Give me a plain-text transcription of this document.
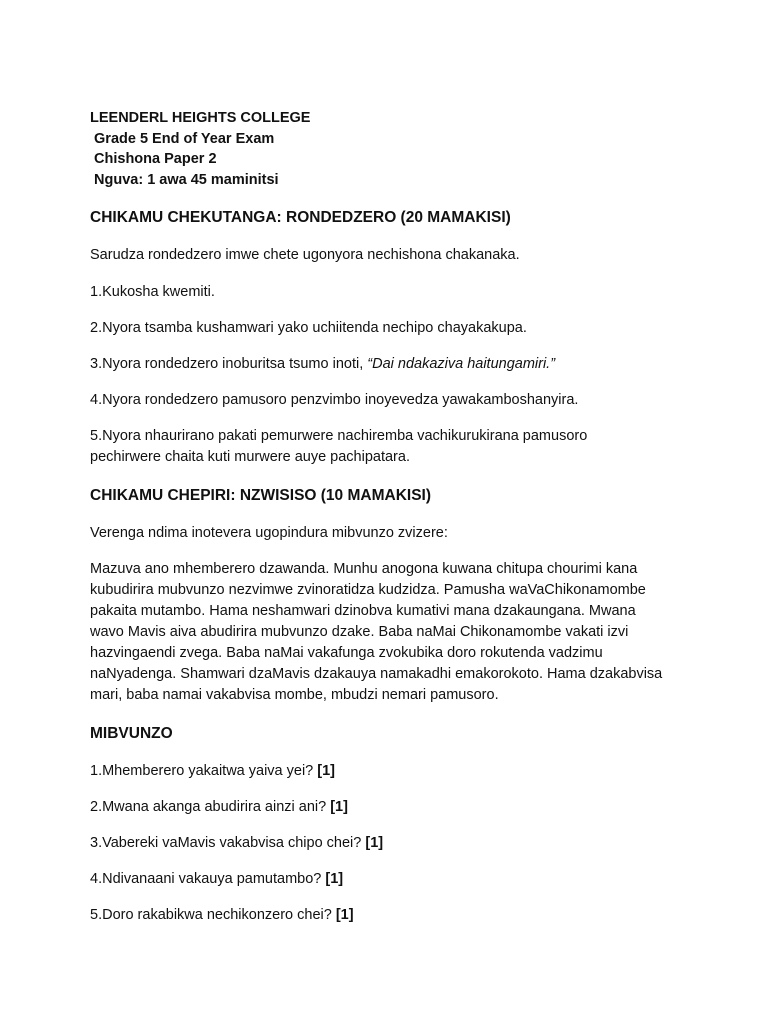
LEENDERL HEIGHTS COLLEGE

Grade 5 End of Year Exam

Chishona Paper 2

Nguva: 1 awa 45 maminitsi

CHIKAMU CHEKUTANGA: RONDEDZERO (20 MAMAKISI)

Sarudza rondedzero imwe chete ugonyora nechishona chakanaka.

1.Kukosha kwemiti.

2.Nyora tsamba kushamwari yako uchiitenda nechipo chayakakupa.

3.Nyora rondedzero inoburitsa tsumo inoti, “Dai ndakaziva haitungamiri.”

4.Nyora rondedzero pamusoro penzvimbo inoyevedza yawakamboshanyira.

5.Nyora nhaurirano pakati pemurwere nachiremba vachikurukirana pamusoro pechirwere chaita kuti murwere auye pachipatara.

CHIKAMU CHEPIRI: NZWISISO (10 MAMAKISI)

Verenga ndima inotevera ugopindura mibvunzo zvizere:

Mazuva ano mhemberero dzawanda. Munhu anogona kuwana chitupa chourimi kana kubudirira mubvunzo nezvimwe zvinoratidza kudzidza. Pamusha waVaChikonamombe pakaita mutambo. Hama neshamwari dzinobva kumativi mana dzakaungana. Mwana wavo Mavis aiva abudirira mubvunzo dzake. Baba naMai Chikonamombe vakati izvi hazvingaendi zvega. Baba naMai vakafunga zvokubika doro rokutenda vadzimu naNyadenga. Shamwari dzaMavis dzakauya namakadhi emakorokoto. Hama dzakabvisa mari, baba namai vakabvisa mombe, mbudzi nemari pamusoro.

MIBVUNZO

1.Mhemberero yakaitwa yaiva yei? [1]

2.Mwana akanga abudirira ainzi ani? [1]

3.Vabereki vaMavis vakabvisa chipo chei? [1]

4.Ndivanaani vakauya pamutambo? [1]

5.Doro rakabikwa nechikonzero chei? [1]
